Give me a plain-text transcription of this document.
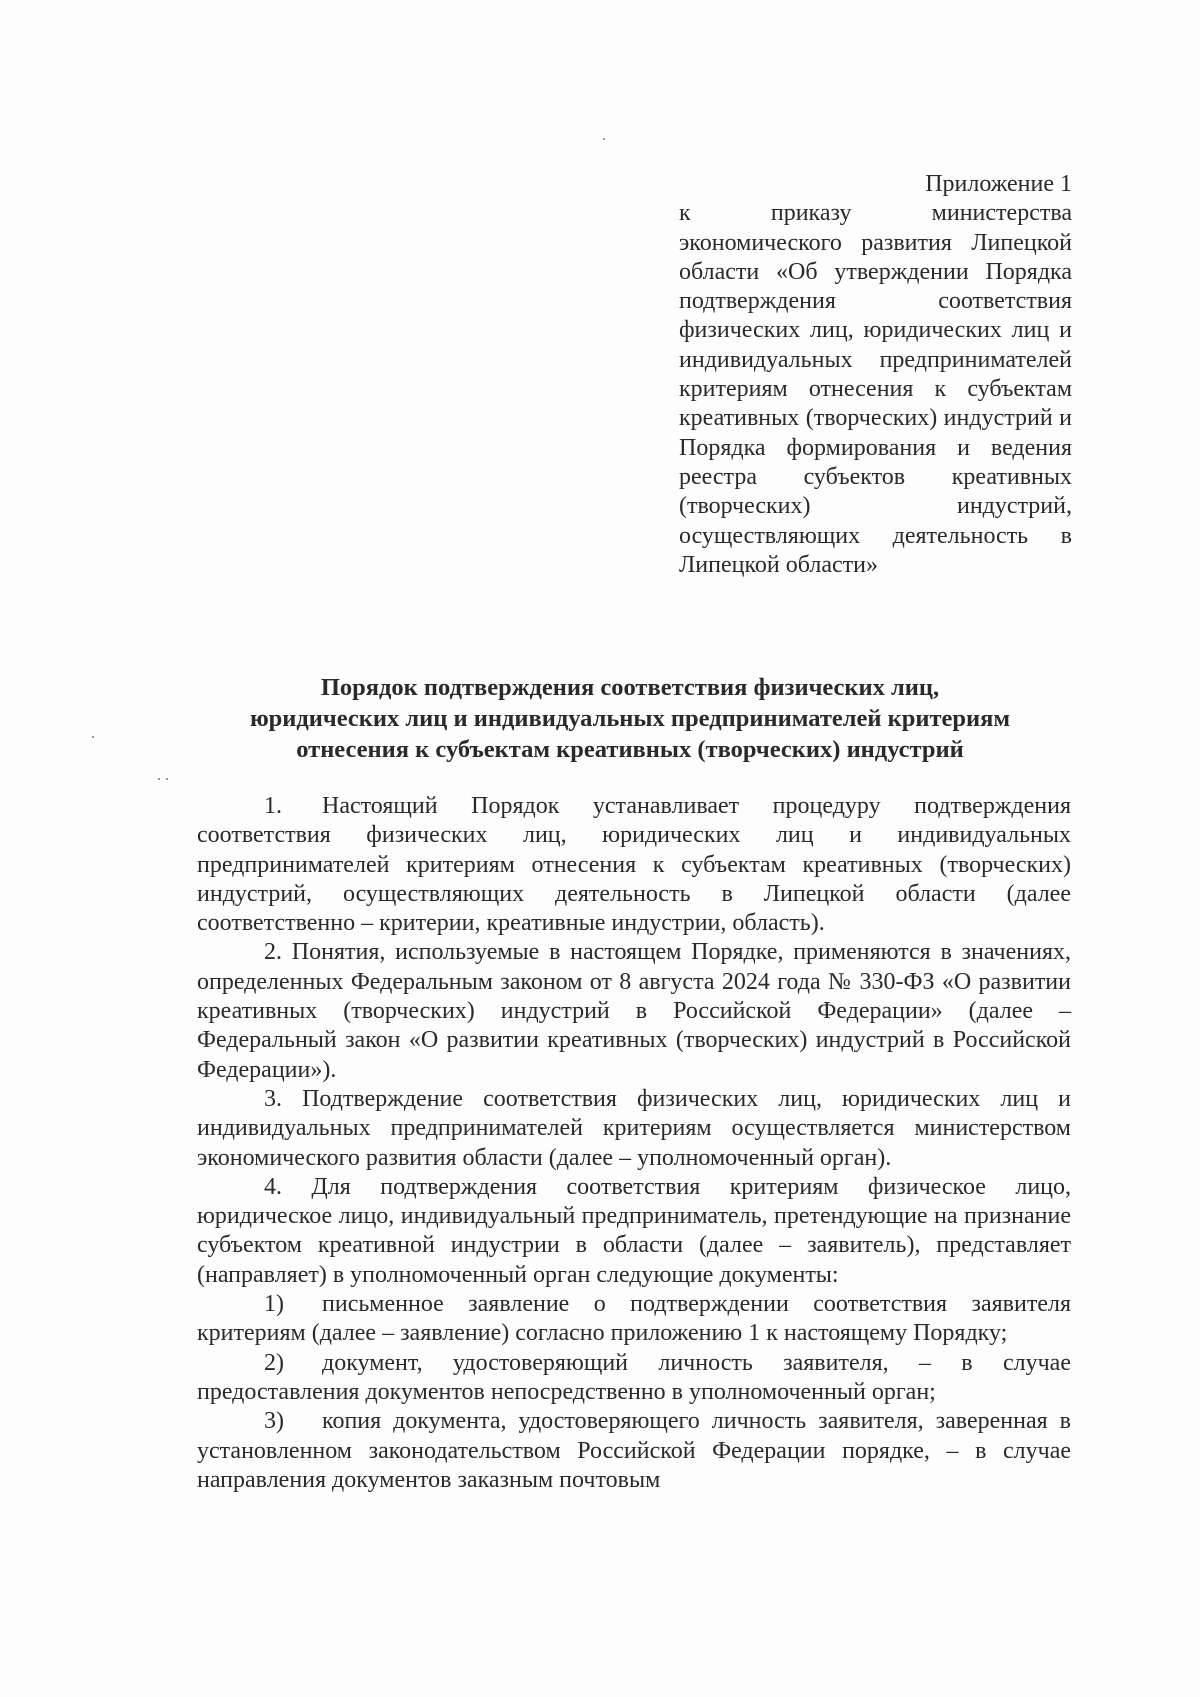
Приложение 1
к приказу министерства экономического развития Липецкой области «Об утверждении Порядка подтверждения соответствия физических лиц, юридических лиц и индивидуальных предпринимателей критериям отнесения к субъектам креативных (творческих) индустрий и Порядка формирования и ведения реестра субъектов креативных (творческих) индустрий, осуществляющих деятельность в Липецкой области»
Порядок подтверждения соответствия физических лиц,
юридических лиц и индивидуальных предпринимателей критериям
отнесения к субъектам креативных (творческих) индустрий

1. Настоящий Порядок устанавливает процедуру подтверждения соответствия физических лиц, юридических лиц и индивидуальных предпринимателей критериям отнесения к субъектам креативных (творческих) индустрий, осуществляющих деятельность в Липецкой области (далее соответственно – критерии, креативные индустрии, область).

2. Понятия, используемые в настоящем Порядке, применяются в значениях, определенных Федеральным законом от 8 августа 2024 года № 330-ФЗ «О развитии креативных (творческих) индустрий в Российской Федерации» (далее – Федеральный закон «О развитии креативных (творческих) индустрий в Российской Федерации»).

3. Подтверждение соответствия физических лиц, юридических лиц и индивидуальных предпринимателей критериям осуществляется министерством экономического развития области (далее – уполномоченный орган).

4. Для подтверждения соответствия критериям физическое лицо, юридическое лицо, индивидуальный предприниматель, претендующие на признание субъектом креативной индустрии в области (далее – заявитель), представляет (направляет) в уполномоченный орган следующие документы:

1) письменное заявление о подтверждении соответствия заявителя критериям (далее – заявление) согласно приложению 1 к настоящему Порядку;

2) документ, удостоверяющий личность заявителя, – в случае предоставления документов непосредственно в уполномоченный орган;

3) копия документа, удостоверяющего личность заявителя, заверенная в установленном законодательством Российской Федерации порядке, – в случае направления документов заказным почтовым
